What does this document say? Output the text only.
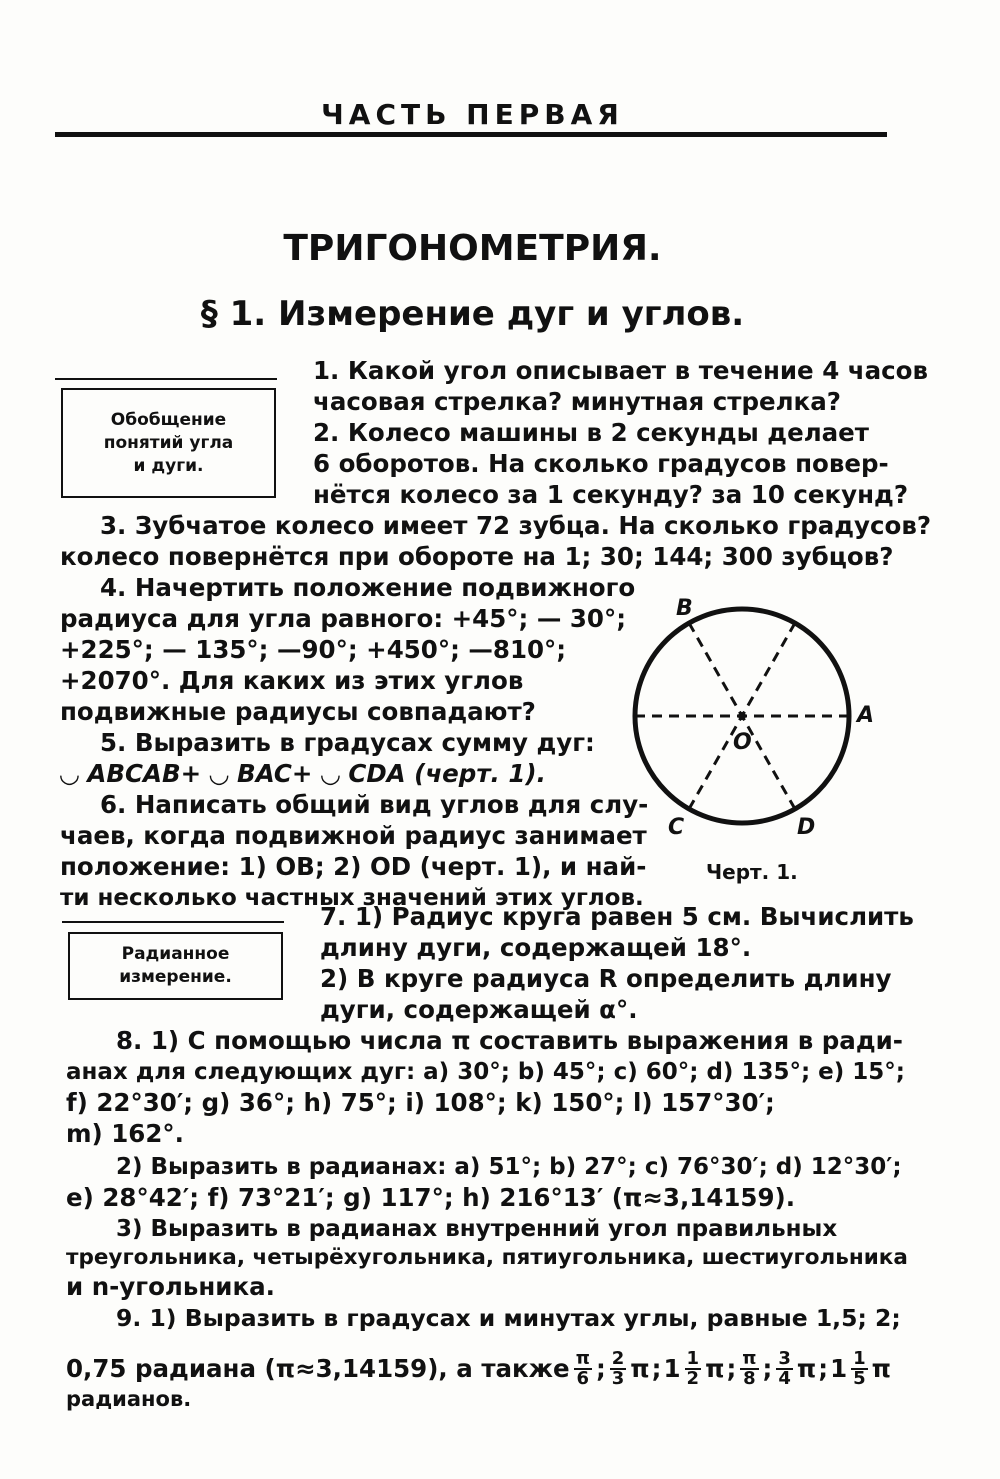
ЧАСТЬ ПЕРВАЯ
ТРИГОНОМЕТРИЯ.
§ 1. Измерение дуг и углов.
Обобщение
понятий угла
и дуги.
1. Какой угол описывает в течение 4 часов
часовая стрелка? минутная стрелка?
2. Колесо машины в 2 секунды делает
6 оборотов. На сколько градусов повер-
нётся колесо за 1 секунду? за 10 секунд?
3. Зубчатое колесо имеет 72 зубца. На сколько градусов?
колесо повернётся при обороте на 1; 30; 144; 300 зубцов?
4. Начертить положение подвижного
радиуса для угла равного: +45°; — 30°;
+225°; — 135°; —90°; +450°; —810°;
+2070°. Для каких из этих углов
подвижные радиусы совпадают?
5. Выразить в градусах сумму дуг:
◡ ABCAB+ ◡ BAC+ ◡ CDA (черт. 1).
6. Написать общий вид углов для слу-
чаев, когда подвижной радиус занимает
положение: 1) OB; 2) OD (черт. 1), и най-
ти несколько частных значений этих углов.
B
A
O
C	D
Черт. 1.
Радианное
измерение.
7. 1) Радиус круга равен 5 см. Вычислить
длину дуги, содержащей 18°.
2) В круге радиуса R определить длину
дуги, содержащей α°.
8. 1) С помощью числа π составить выражения в ради-
анах для следующих дуг: a) 30°; b) 45°; c) 60°; d) 135°; e) 15°;
f) 22°30′; g) 36°; h) 75°; i) 108°; k) 150°; l) 157°30′;
m) 162°.
2) Выразить в радианах: a) 51°; b) 27°; c) 76°30′; d) 12°30′;
e) 28°42′; f) 73°21′; g) 117°; h) 216°13′ (π≈3,14159).
3) Выразить в радианах внутренний угол правильных
треугольника, четырёхугольника, пятиугольника, шестиугольника
и n-угольника.
9. 1) Выразить в градусах и минутах углы, равные 1,5; 2;
0,75 радиана (π≈3,14159), а также $\frac{\pi}{6}$ ; $\frac{2}{3}$ π ; $1 \frac{1}{2}$ π ; $\frac{\pi}{8}$ ; $\frac{3}{4}$ π ; $1 \frac{1}{5}$ π
радианов.
